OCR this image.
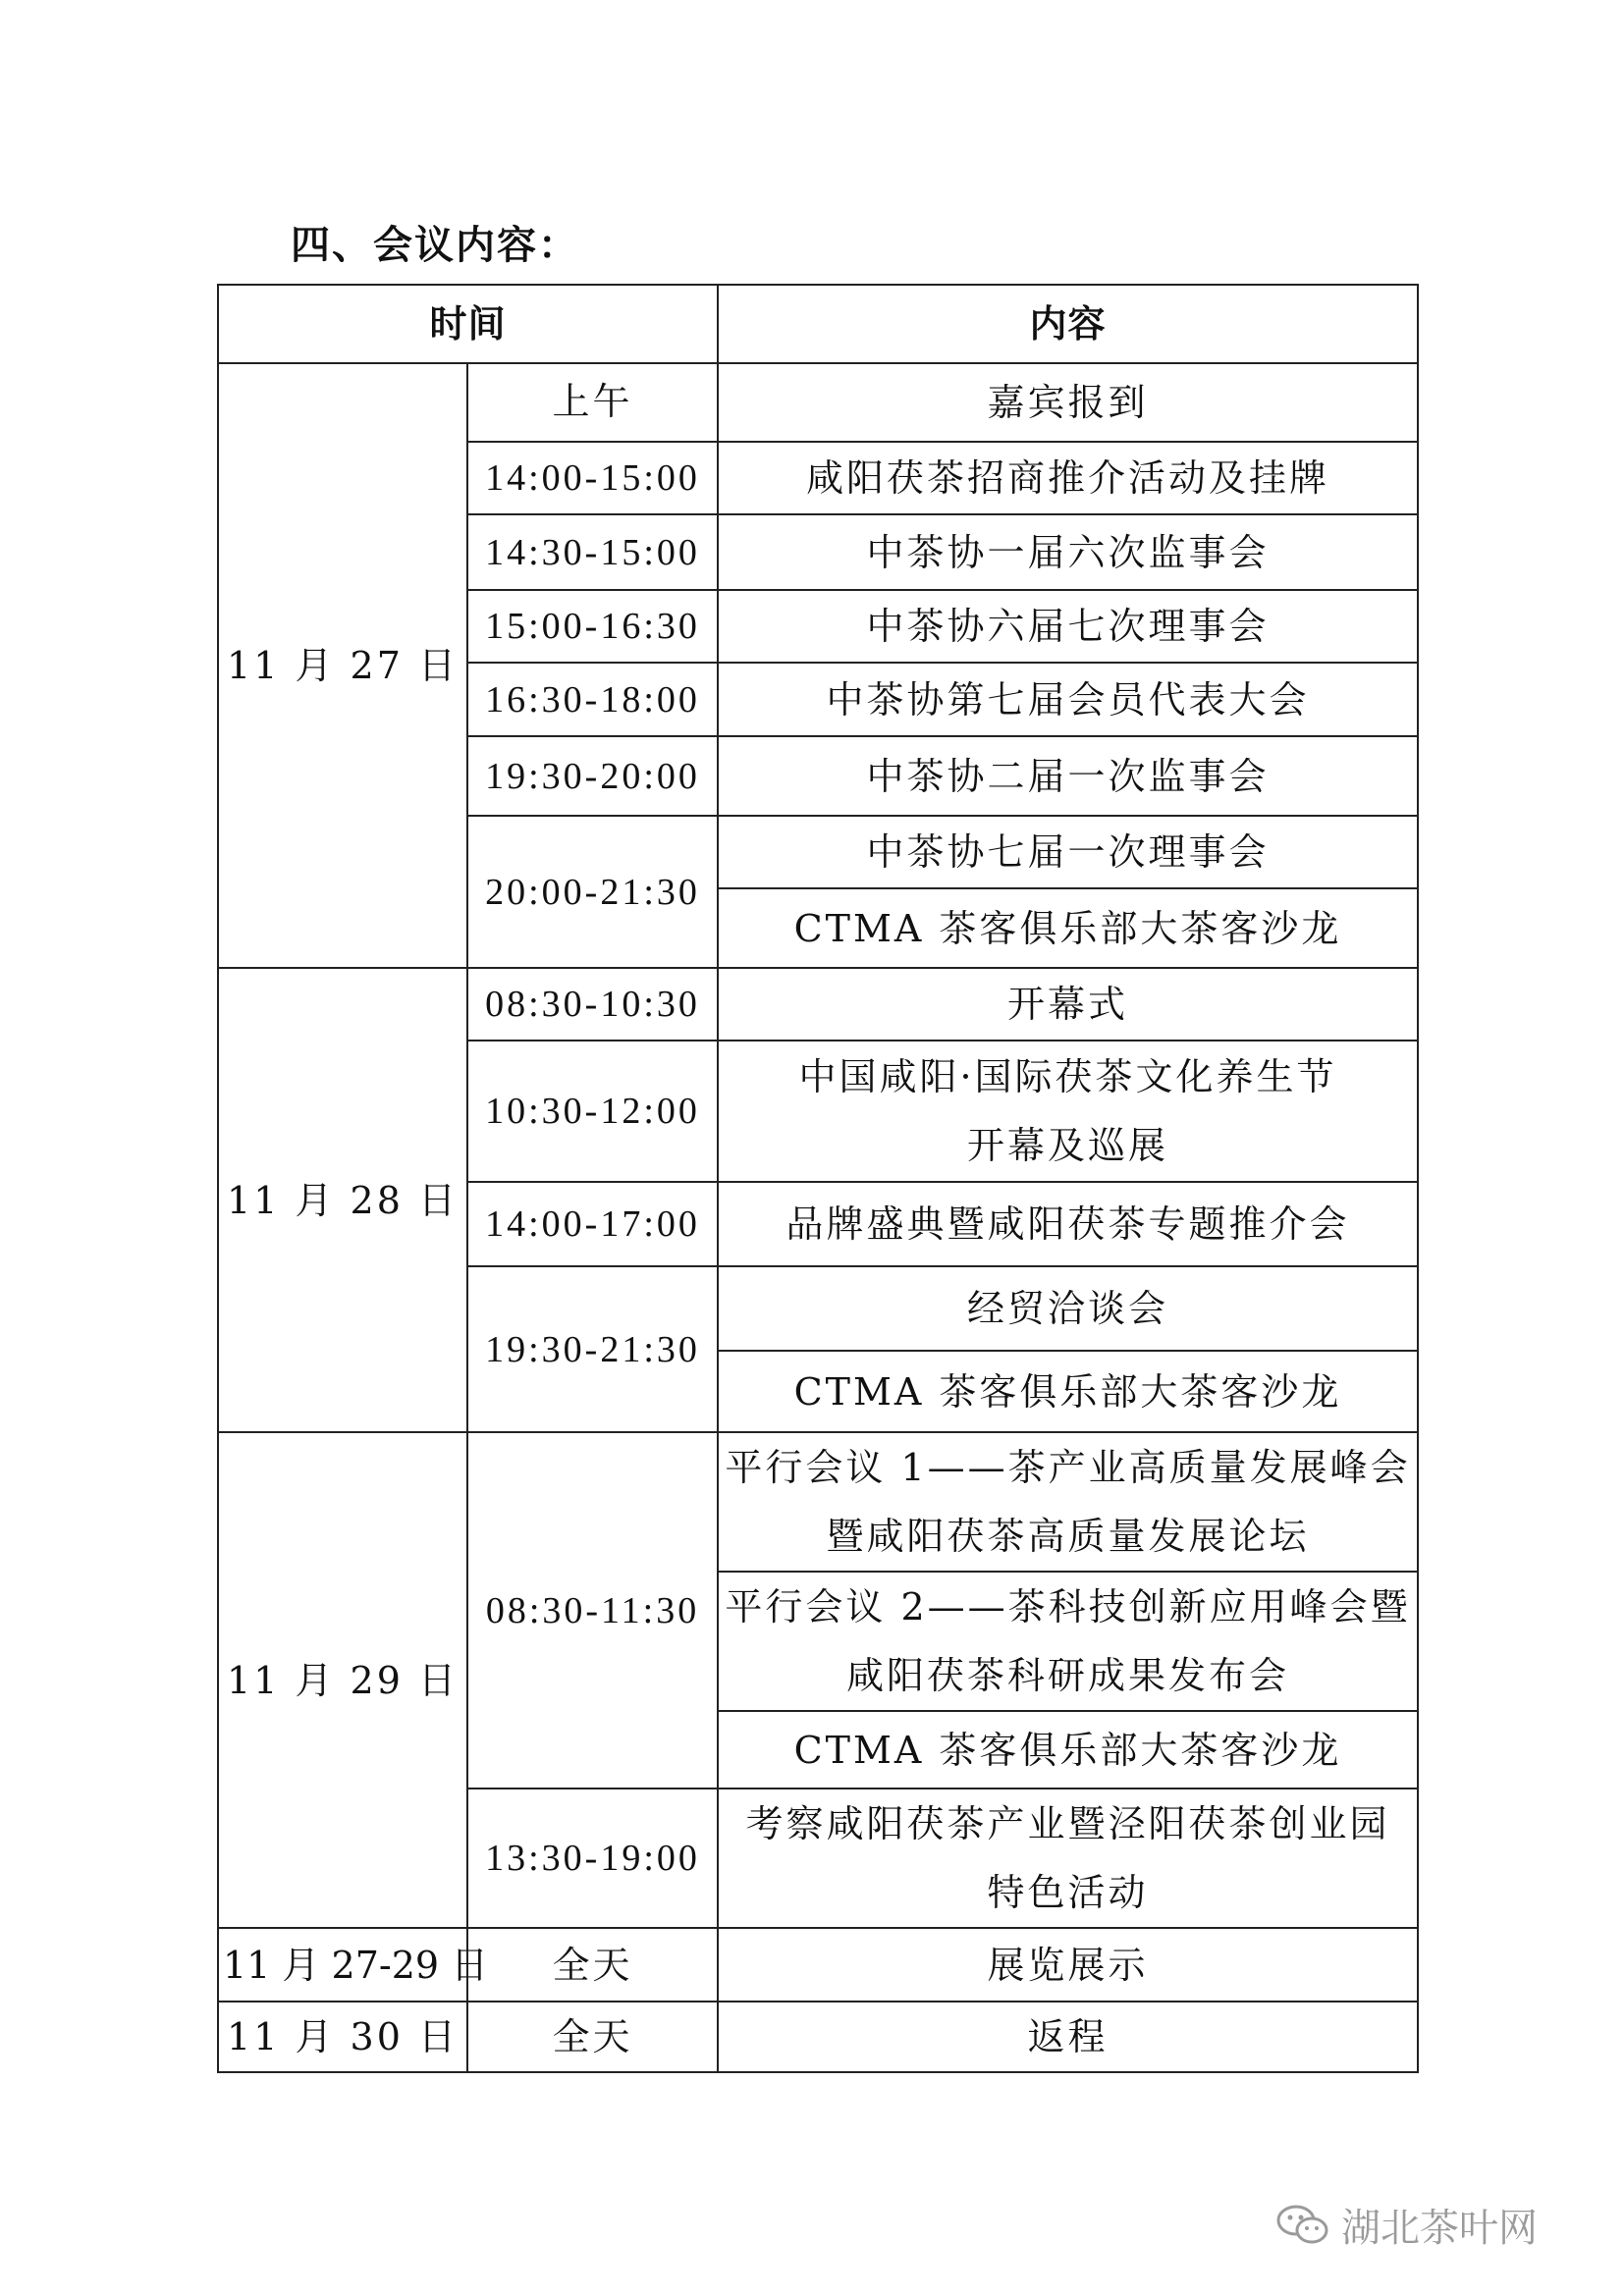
四、会议内容：
时间		内容
11 月 27 日	上午	嘉宾报到
	14:00-15:00	咸阳茯茶招商推介活动及挂牌
	14:30-15:00	中茶协一届六次监事会
	15:00-16:30	中茶协六届七次理事会
	16:30-18:00	中茶协第七届会员代表大会
	19:30-20:00	中茶协二届一次监事会
	20:00-21:30	中茶协七届一次理事会
		CTMA 茶客俱乐部大茶客沙龙
11 月 28 日	08:30-10:30	开幕式
	10:30-12:00	中国咸阳·国际茯茶文化养生节
开幕及巡展

	14:00-17:00	品牌盛典暨咸阳茯茶专题推介会
	19:30-21:30	经贸洽谈会
		CTMA 茶客俱乐部大茶客沙龙
11 月 29 日	08:30-11:30	平行会议 1——茶产业高质量发展峰会
暨咸阳茯茶高质量发展论坛

		平行会议 2——茶科技创新应用峰会暨
咸阳茯茶科研成果发布会

		CTMA 茶客俱乐部大茶客沙龙
	13:30-19:00	考察咸阳茯茶产业暨泾阳茯茶创业园
特色活动

11 月 27-29 日	全天	展览展示
11 月 30 日	全天	返程
湖北茶叶网
